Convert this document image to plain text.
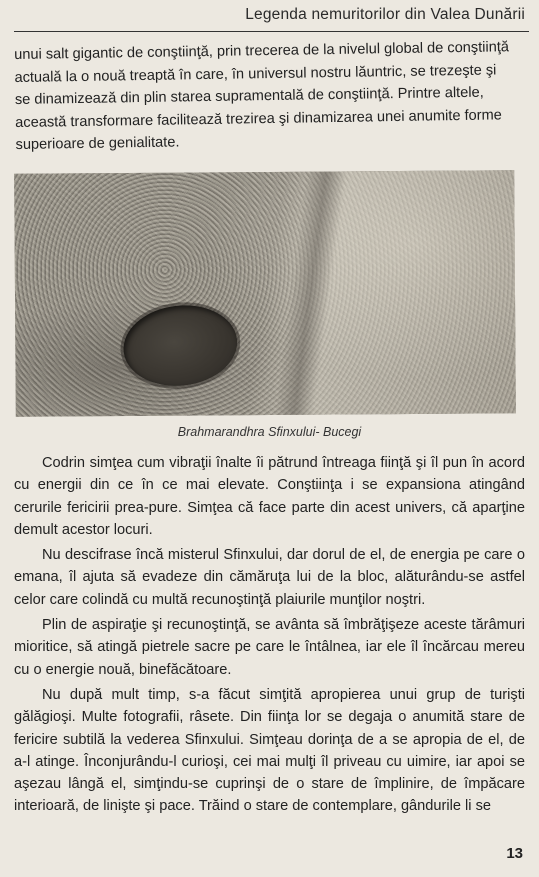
Legenda nemuritorilor din Valea Dunării

unui salt gigantic de conştiinţă, prin trecerea de la nivelul global de conştiinţă actuală la o nouă treaptă în care, în universul nostru lăuntric, se trezeşte şi se dinamizează din plin starea supramentală de conştiinţă. Printre altele, această transformare facilitează trezirea şi dinamizarea unei anumite forme superioare de genialitate.

Brahmarandhra Sfinxului- Bucegi

Codrin simţea cum vibraţii înalte îi pătrund întreaga fiinţă şi îl pun în acord cu energii din ce în ce mai elevate. Conştiinţa i se expansiona atingând cerurile fericirii prea-pure. Simţea că face parte din acest univers, că aparţine demult acestor locuri.

Nu descifrase încă misterul Sfinxului, dar dorul de el, de energia pe care o emana, îl ajuta să evadeze din cămăruţa lui de la bloc, alăturându-se astfel celor care colindă cu multă recunoştinţă plaiurile munţilor noştri.

Plin de aspiraţie şi recunoştinţă, se avânta să îmbrăţişeze aceste tărâmuri mioritice, să atingă pietrele sacre pe care le întâlnea, iar ele îl încărcau mereu cu o energie nouă, binefăcătoare.

Nu după mult timp, s-a făcut simţită apropierea unui grup de turişti gălăgioşi. Multe fotografii, râsete. Din fiinţa lor se degaja o anumită stare de fericire subtilă la vederea Sfinxului. Simţeau dorinţa de a se apropia de el, de a-l atinge. Înconjurându-l curioşi, cei mai mulţi îl priveau cu uimire, iar apoi se aşezau lângă el, simţindu-se cuprinşi de o stare de împlinire, de împăcare interioară, de linişte şi pace. Trăind o stare de contemplare, gândurile li se

13
